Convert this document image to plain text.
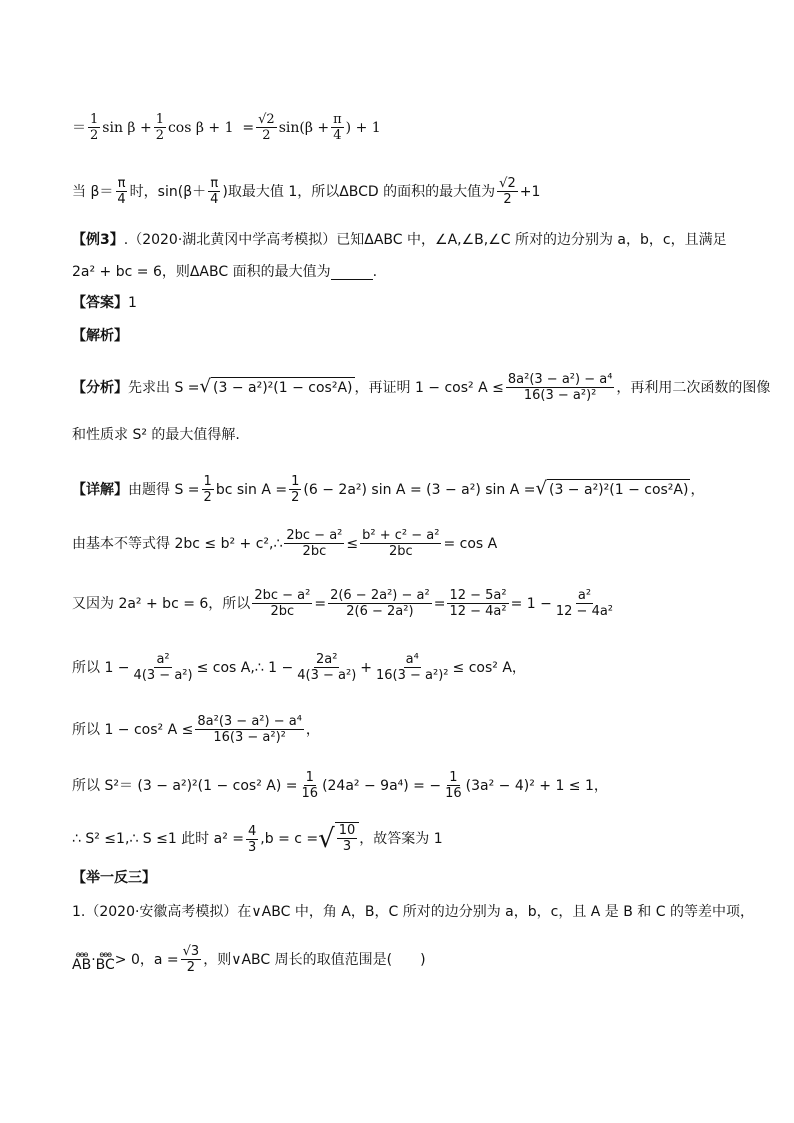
＝ $\frac{1}{2}$ $\sin \beta + \frac{1}{2}$ $\cos \beta + 1 = \frac{√2}{2} \sin(\beta + \frac{\pi}{4}$ ) + 1
当 $\beta= \frac{\pi}{4}$ 时，$\sin(\beta+ \frac{\pi}{4}$ )取最大值 1，所以ΔBCD 的面积的最大值为 $\frac{√2}{2} +1$
【例3】 .（2020·湖北黄冈中学高考模拟）已知ΔABC 中，∠A,∠B,∠C 所对的边分别为 a，b，c，且满足
2a² + bc = 6，则ΔABC 面积的最大值为	.
【答案】 1
【解析】
【分析】 先求出 S = √ (3 − a²)²(1 − cos²A) ，再证明 1 − cos² $A \le \frac{\text{8a²(3 − a²) − a⁴}}{\text{16(3 − a²)²}}$ ，再利用二次函数的图像
和性质求 S² 的最大值得解.
【详解】 由题得 $S = \frac{1}{2}$ bc $\sin A = \frac{1}{2} (6 - 2a^2)$ sin A = (3 − a²) sin A = √ (3 − a²)²(1 − cos²A) ，
由基本不等式得 2bc ≤ b² + c²,∴ $\frac{\text{2bc − a²}}{2bc} \le \frac{\text{b² + c² − a²}}{2bc} = \cos A$
又因为 2a² + bc = 6，所以 $\frac{\text{2bc − a²}}{2bc} = \frac{\text{2(6 − 2a²) − a²}}{\text{2(6 − 2a²)}} = \frac{\text{12 − 5a²}}{\text{12 − 4a²}} = 1 - \frac{\text{a²}}{\text{12 − 4a²}}$
所以 $1 - \frac{\text{a²}}{\text{4(3 − a²)}} \le \cos$ A,∴ $1 - \frac{\text{2a²}}{\text{4(3 − a²)}} + \frac{\text{a⁴}}{\text{16(3 − a²)²}} \le \cos^2$ A，
所以 1 − cos² $A \le \frac{\text{8a²(3 − a²) − a⁴}}{\text{16(3 − a²)²}}$ ，
所以 S²＝ (3 − a²)²(1 − cos² $A) = \frac{1}{16} (24a^2 - 9a^4)$ = − $\frac{1}{16} (3a^2 - 4)^2 + 1 \le 1$，
∴ S² ≤1,∴ S ≤1 此时 $a^2 = \frac{4}{3} ,b = c$ = √ $\frac{10}{3}$ ，故答案为 1
【举一反三】
1.（2020·安徽高考模拟）在∨ABC 中，角 A，B，C 所对的边分别为 a，b，c，且 A 是 B 和 C 的等差中项，
ɵɵɵ
AB · ɵɵɵ
BC > 0，$a = \frac{√3}{2}$ ，则∨ABC 周长的取值范围是(　　)
